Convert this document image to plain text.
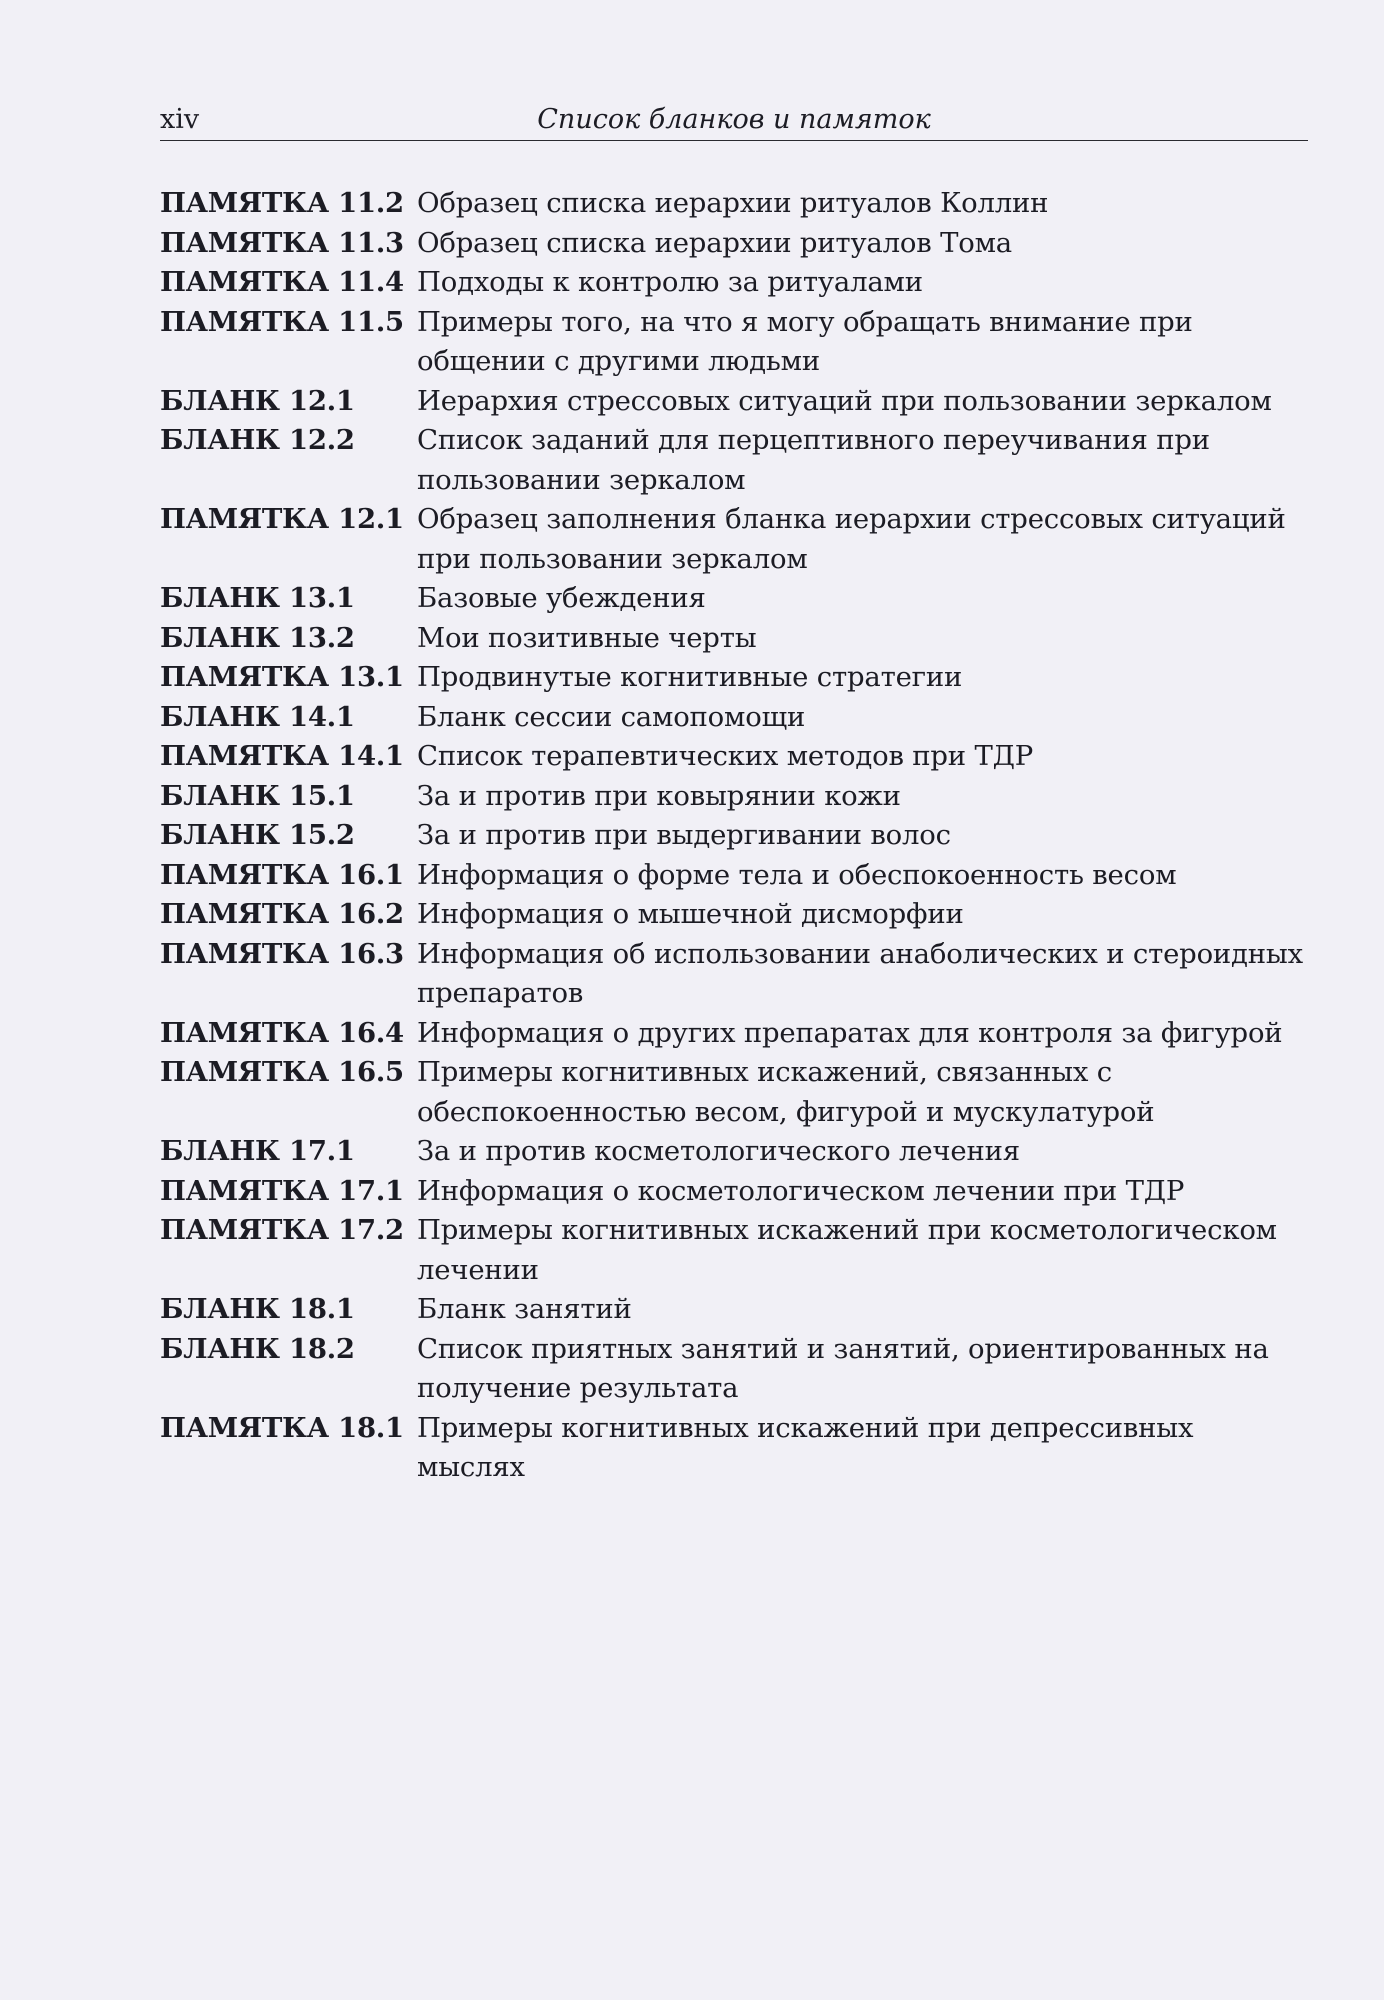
xiv	Список бланков и памяток
ПАМЯТКА 11.2 Образец списка иерархии ритуалов Коллин
ПАМЯТКА 11.3 Образец списка иерархии ритуалов Тома
ПАМЯТКА 11.4 Подходы к контролю за ритуалами
ПАМЯТКА 11.5 Примеры того, на что я могу обращать внимание при общении с другими людьми
БЛАНК 12.1	Иерархия стрессовых ситуаций при пользовании зеркалом
БЛАНК 12.2	Список заданий для перцептивного переучивания при пользовании зеркалом
ПАМЯТКА 12.1 Образец заполнения бланка иерархии стрессовых ситуаций при пользовании зеркалом
БЛАНК 13.1	Базовые убеждения
БЛАНК 13.2	Мои позитивные черты
ПАМЯТКА 13.1 Продвинутые когнитивные стратегии
БЛАНК 14.1	Бланк сессии самопомощи
ПАМЯТКА 14.1 Список терапевтических методов при ТДР
БЛАНК 15.1	За и против при ковырянии кожи
БЛАНК 15.2	За и против при выдергивании волос
ПАМЯТКА 16.1 Информация о форме тела и обеспокоенность весом
ПАМЯТКА 16.2 Информация о мышечной дисморфии
ПАМЯТКА 16.3 Информация об использовании анаболических и стероидных препаратов
ПАМЯТКА 16.4 Информация о других препаратах для контроля за фигурой
ПАМЯТКА 16.5 Примеры когнитивных искажений, связанных с обеспокоенностью весом, фигурой и мускулатурой
БЛАНК 17.1	За и против косметологического лечения
ПАМЯТКА 17.1 Информация о косметологическом лечении при ТДР
ПАМЯТКА 17.2 Примеры когнитивных искажений при косметологическом лечении
БЛАНК 18.1	Бланк занятий
БЛАНК 18.2	Список приятных занятий и занятий, ориентированных на получение результата
ПАМЯТКА 18.1 Примеры когнитивных искажений при депрессивных мыслях
